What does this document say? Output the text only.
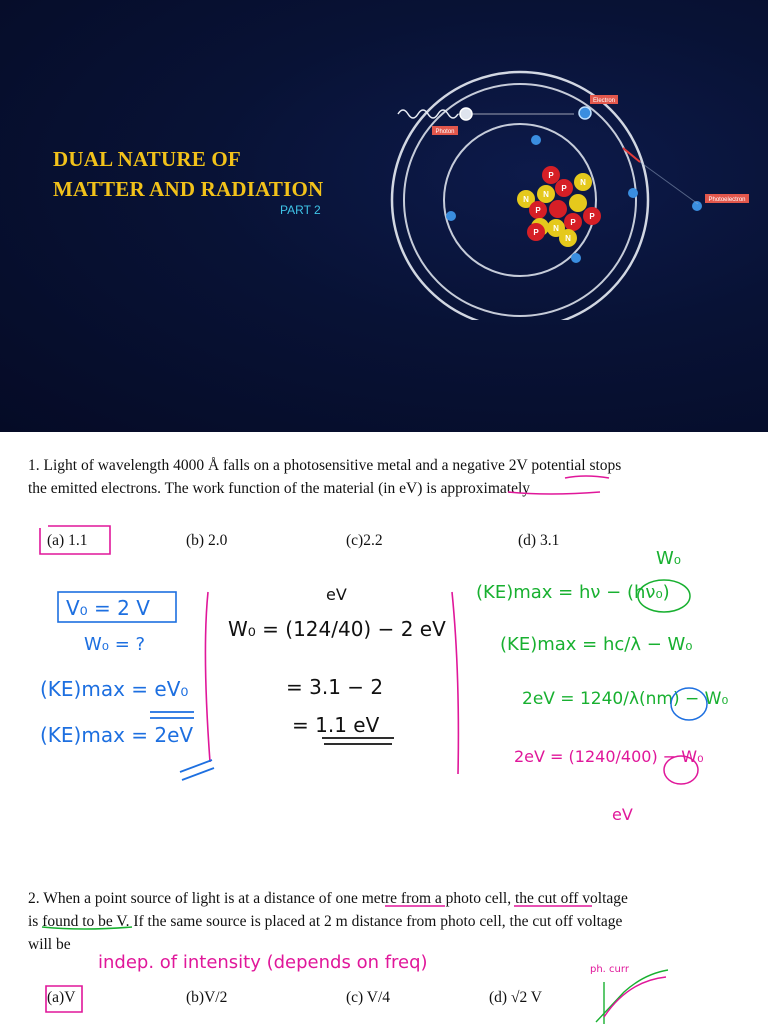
DUAL NATURE OF
MATTER AND RADIATION
PART 2
Photon
Electron
Photoelectron
P
P
P
P
P
P
N
N
N
N
N
1. Light of wavelength 4000 Å falls on a photosensitive metal and a negative 2V potential stops
the emitted electrons. The work function of the material (in eV) is approximately
(a) 1.1	(b) 2.0	(c)2.2	(d) 3.1
2. When a point source of light is at a distance of one metre from a photo cell, the cut off voltage
is found to be V. If the same source is placed at 2 m distance from photo cell, the cut off voltage
will be
(a)V	(b)V/2	(c) V/4	(d) √2 V
V₀ = 2 V
W₀ = ?
(KE)max = eV₀
(KE)max = 2eV
eV
W₀ = (124/40) − 2 eV
= 3.1 − 2
= 1.1 eV
W₀
(KE)max = hν − (hν₀)
(KE)max = hc/λ − W₀
2eV = 1240/λ(nm) − W₀
2eV = (1240/400) − W₀
eV
indep. of intensity (depends on freq)	ph. curr
